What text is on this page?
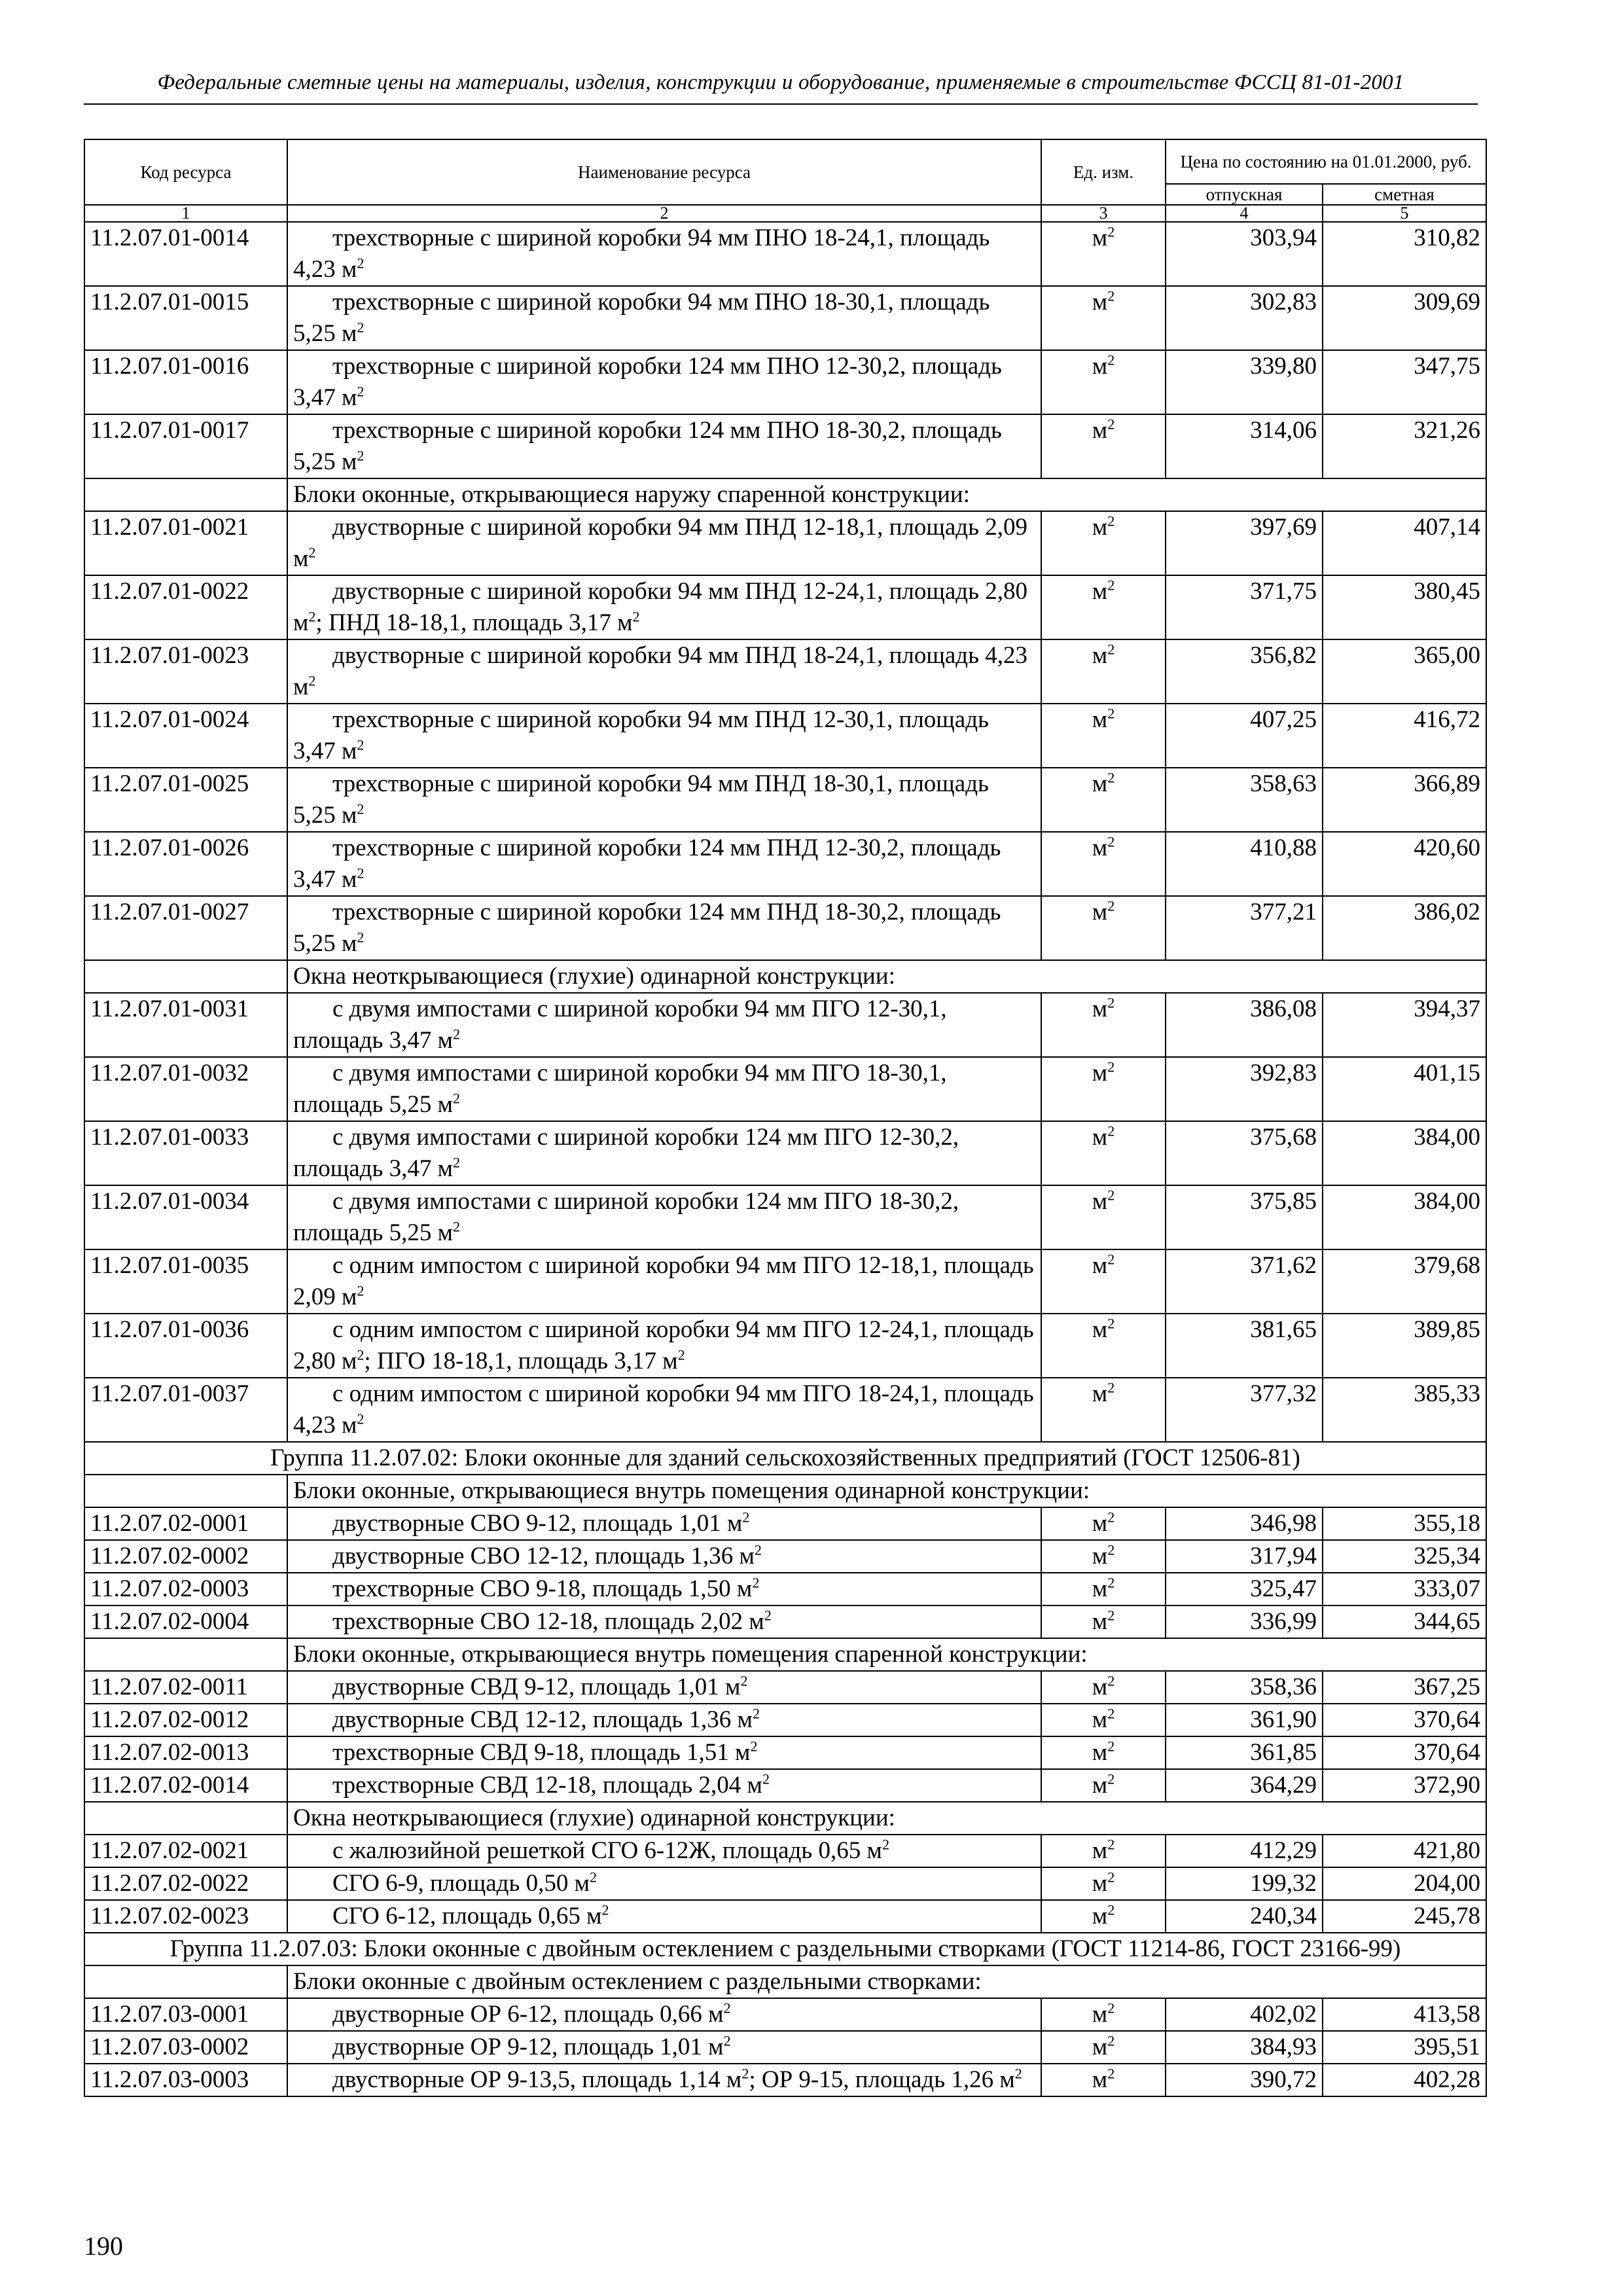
Федеральные сметные цены на материалы, изделия, конструкции и оборудование, применяемые в строительстве ФССЦ 81-01-2001
Код ресурса	Наименование ресурса	Ед. изм.	Цена по состоянию на 01.01.2000, руб.	
			отпускная	сметная
1	2	3	4	5
11.2.07.01-0014	трехстворные с шириной коробки 94 мм ПНО 18-24,1, площадь 4,23 $м^2$	$м^2$	303,94	310,82
11.2.07.01-0015	трехстворные с шириной коробки 94 мм ПНО 18-30,1, площадь 5,25 $м^2$	$м^2$	302,83	309,69
11.2.07.01-0016	трехстворные с шириной коробки 124 мм ПНО 12-30,2, площадь 3,47 $м^2$	$м^2$	339,80	347,75
11.2.07.01-0017	трехстворные с шириной коробки 124 мм ПНО 18-30,2, площадь 5,25 $м^2$	$м^2$	314,06	321,26
	Блоки оконные, открывающиеся наружу спаренной конструкции:			
11.2.07.01-0021	двустворные с шириной коробки 94 мм ПНД 12-18,1, площадь 2,09 $м^2$	$м^2$	397,69	407,14
11.2.07.01-0022	двустворные с шириной коробки 94 мм ПНД 12-24,1, площадь 2,80 $м^2$; ПНД 18-18,1, площадь 3,17 $м^2$	$м^2$	371,75	380,45
11.2.07.01-0023	двустворные с шириной коробки 94 мм ПНД 18-24,1, площадь 4,23 $м^2$	$м^2$	356,82	365,00
11.2.07.01-0024	трехстворные с шириной коробки 94 мм ПНД 12-30,1, площадь 3,47 $м^2$	$м^2$	407,25	416,72
11.2.07.01-0025	трехстворные с шириной коробки 94 мм ПНД 18-30,1, площадь 5,25 $м^2$	$м^2$	358,63	366,89
11.2.07.01-0026	трехстворные с шириной коробки 124 мм ПНД 12-30,2, площадь 3,47 $м^2$	$м^2$	410,88	420,60
11.2.07.01-0027	трехстворные с шириной коробки 124 мм ПНД 18-30,2, площадь 5,25 $м^2$	$м^2$	377,21	386,02
	Окна неоткрывающиеся (глухие) одинарной конструкции:			
11.2.07.01-0031	с двумя импостами с шириной коробки 94 мм ПГО 12-30,1, площадь 3,47 $м^2$	$м^2$	386,08	394,37
11.2.07.01-0032	с двумя импостами с шириной коробки 94 мм ПГО 18-30,1, площадь 5,25 $м^2$	$м^2$	392,83	401,15
11.2.07.01-0033	с двумя импостами с шириной коробки 124 мм ПГО 12-30,2, площадь 3,47 $м^2$	$м^2$	375,68	384,00
11.2.07.01-0034	с двумя импостами с шириной коробки 124 мм ПГО 18-30,2, площадь 5,25 $м^2$	$м^2$	375,85	384,00
11.2.07.01-0035	с одним импостом с шириной коробки 94 мм ПГО 12-18,1, площадь 2,09 $м^2$	$м^2$	371,62	379,68
11.2.07.01-0036	с одним импостом с шириной коробки 94 мм ПГО 12-24,1, площадь 2,80 $м^2$; ПГО 18-18,1, площадь 3,17 $м^2$	$м^2$	381,65	389,85
11.2.07.01-0037	с одним импостом с шириной коробки 94 мм ПГО 18-24,1, площадь 4,23 $м^2$	$м^2$	377,32	385,33
Группа 11.2.07.02: Блоки оконные для зданий сельскохозяйственных предприятий (ГОСТ 12506-81)				
	Блоки оконные, открывающиеся внутрь помещения одинарной конструкции:			
11.2.07.02-0001	двустворные СВО 9-12, площадь 1,01 $м^2$	$м^2$	346,98	355,18
11.2.07.02-0002	двустворные СВО 12-12, площадь 1,36 $м^2$	$м^2$	317,94	325,34
11.2.07.02-0003	трехстворные СВО 9-18, площадь 1,50 $м^2$	$м^2$	325,47	333,07
11.2.07.02-0004	трехстворные СВО 12-18, площадь 2,02 $м^2$	$м^2$	336,99	344,65
	Блоки оконные, открывающиеся внутрь помещения спаренной конструкции:			
11.2.07.02-0011	двустворные СВД 9-12, площадь 1,01 $м^2$	$м^2$	358,36	367,25
11.2.07.02-0012	двустворные СВД 12-12, площадь 1,36 $м^2$	$м^2$	361,90	370,64
11.2.07.02-0013	трехстворные СВД 9-18, площадь 1,51 $м^2$	$м^2$	361,85	370,64
11.2.07.02-0014	трехстворные СВД 12-18, площадь 2,04 $м^2$	$м^2$	364,29	372,90
	Окна неоткрывающиеся (глухие) одинарной конструкции:			
11.2.07.02-0021	с жалюзийной решеткой СГО 6-12Ж, площадь 0,65 $м^2$	$м^2$	412,29	421,80
11.2.07.02-0022	СГО 6-9, площадь 0,50 $м^2$	$м^2$	199,32	204,00
11.2.07.02-0023	СГО 6-12, площадь 0,65 $м^2$	$м^2$	240,34	245,78
Группа 11.2.07.03: Блоки оконные с двойным остеклением с раздельными створками (ГОСТ 11214-86, ГОСТ 23166-99)				
	Блоки оконные с двойным остеклением с раздельными створками:			
11.2.07.03-0001	двустворные ОР 6-12, площадь 0,66 $м^2$	$м^2$	402,02	413,58
11.2.07.03-0002	двустворные ОР 9-12, площадь 1,01 $м^2$	$м^2$	384,93	395,51
11.2.07.03-0003	двустворные ОР 9-13,5, площадь 1,14 $м^2$; ОР 9-15, площадь 1,26 $м^2$	$м^2$	390,72	402,28
190
